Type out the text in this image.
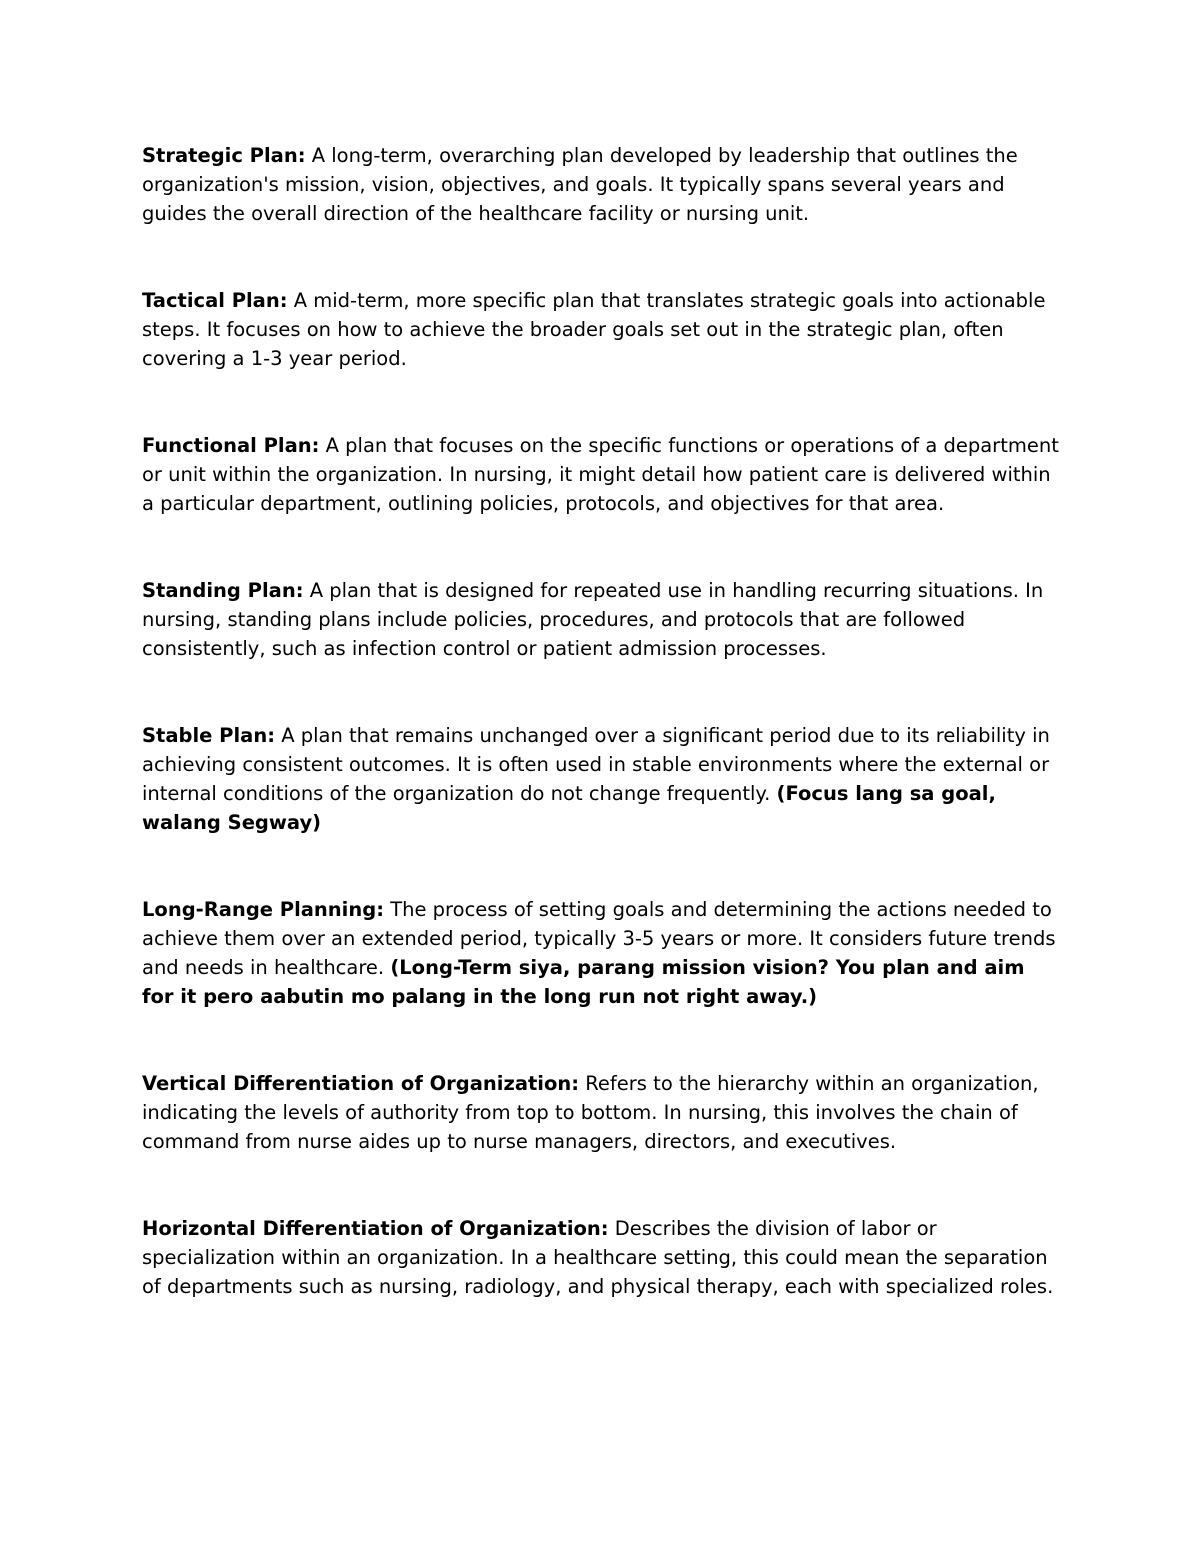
Strategic Plan: A long-term, overarching plan developed by leadership that outlines the organization's mission, vision, objectives, and goals. It typically spans several years and guides the overall direction of the healthcare facility or nursing unit.

Tactical Plan: A mid-term, more specific plan that translates strategic goals into actionable steps. It focuses on how to achieve the broader goals set out in the strategic plan, often covering a 1-3 year period.

Functional Plan: A plan that focuses on the specific functions or operations of a department or unit within the organization. In nursing, it might detail how patient care is delivered within a particular department, outlining policies, protocols, and objectives for that area.

Standing Plan: A plan that is designed for repeated use in handling recurring situations. In nursing, standing plans include policies, procedures, and protocols that are followed consistently, such as infection control or patient admission processes.

Stable Plan: A plan that remains unchanged over a significant period due to its reliability in achieving consistent outcomes. It is often used in stable environments where the external or internal conditions of the organization do not change frequently. (Focus lang sa goal, walang Segway)

Long-Range Planning: The process of setting goals and determining the actions needed to achieve them over an extended period, typically 3-5 years or more. It considers future trends and needs in healthcare. (Long-Term siya, parang mission vision? You plan and aim for it pero aabutin mo palang in the long run not right away.)

Vertical Differentiation of Organization: Refers to the hierarchy within an organization, indicating the levels of authority from top to bottom. In nursing, this involves the chain of command from nurse aides up to nurse managers, directors, and executives.

Horizontal Differentiation of Organization: Describes the division of labor or specialization within an organization. In a healthcare setting, this could mean the separation of departments such as nursing, radiology, and physical therapy, each with specialized roles.
